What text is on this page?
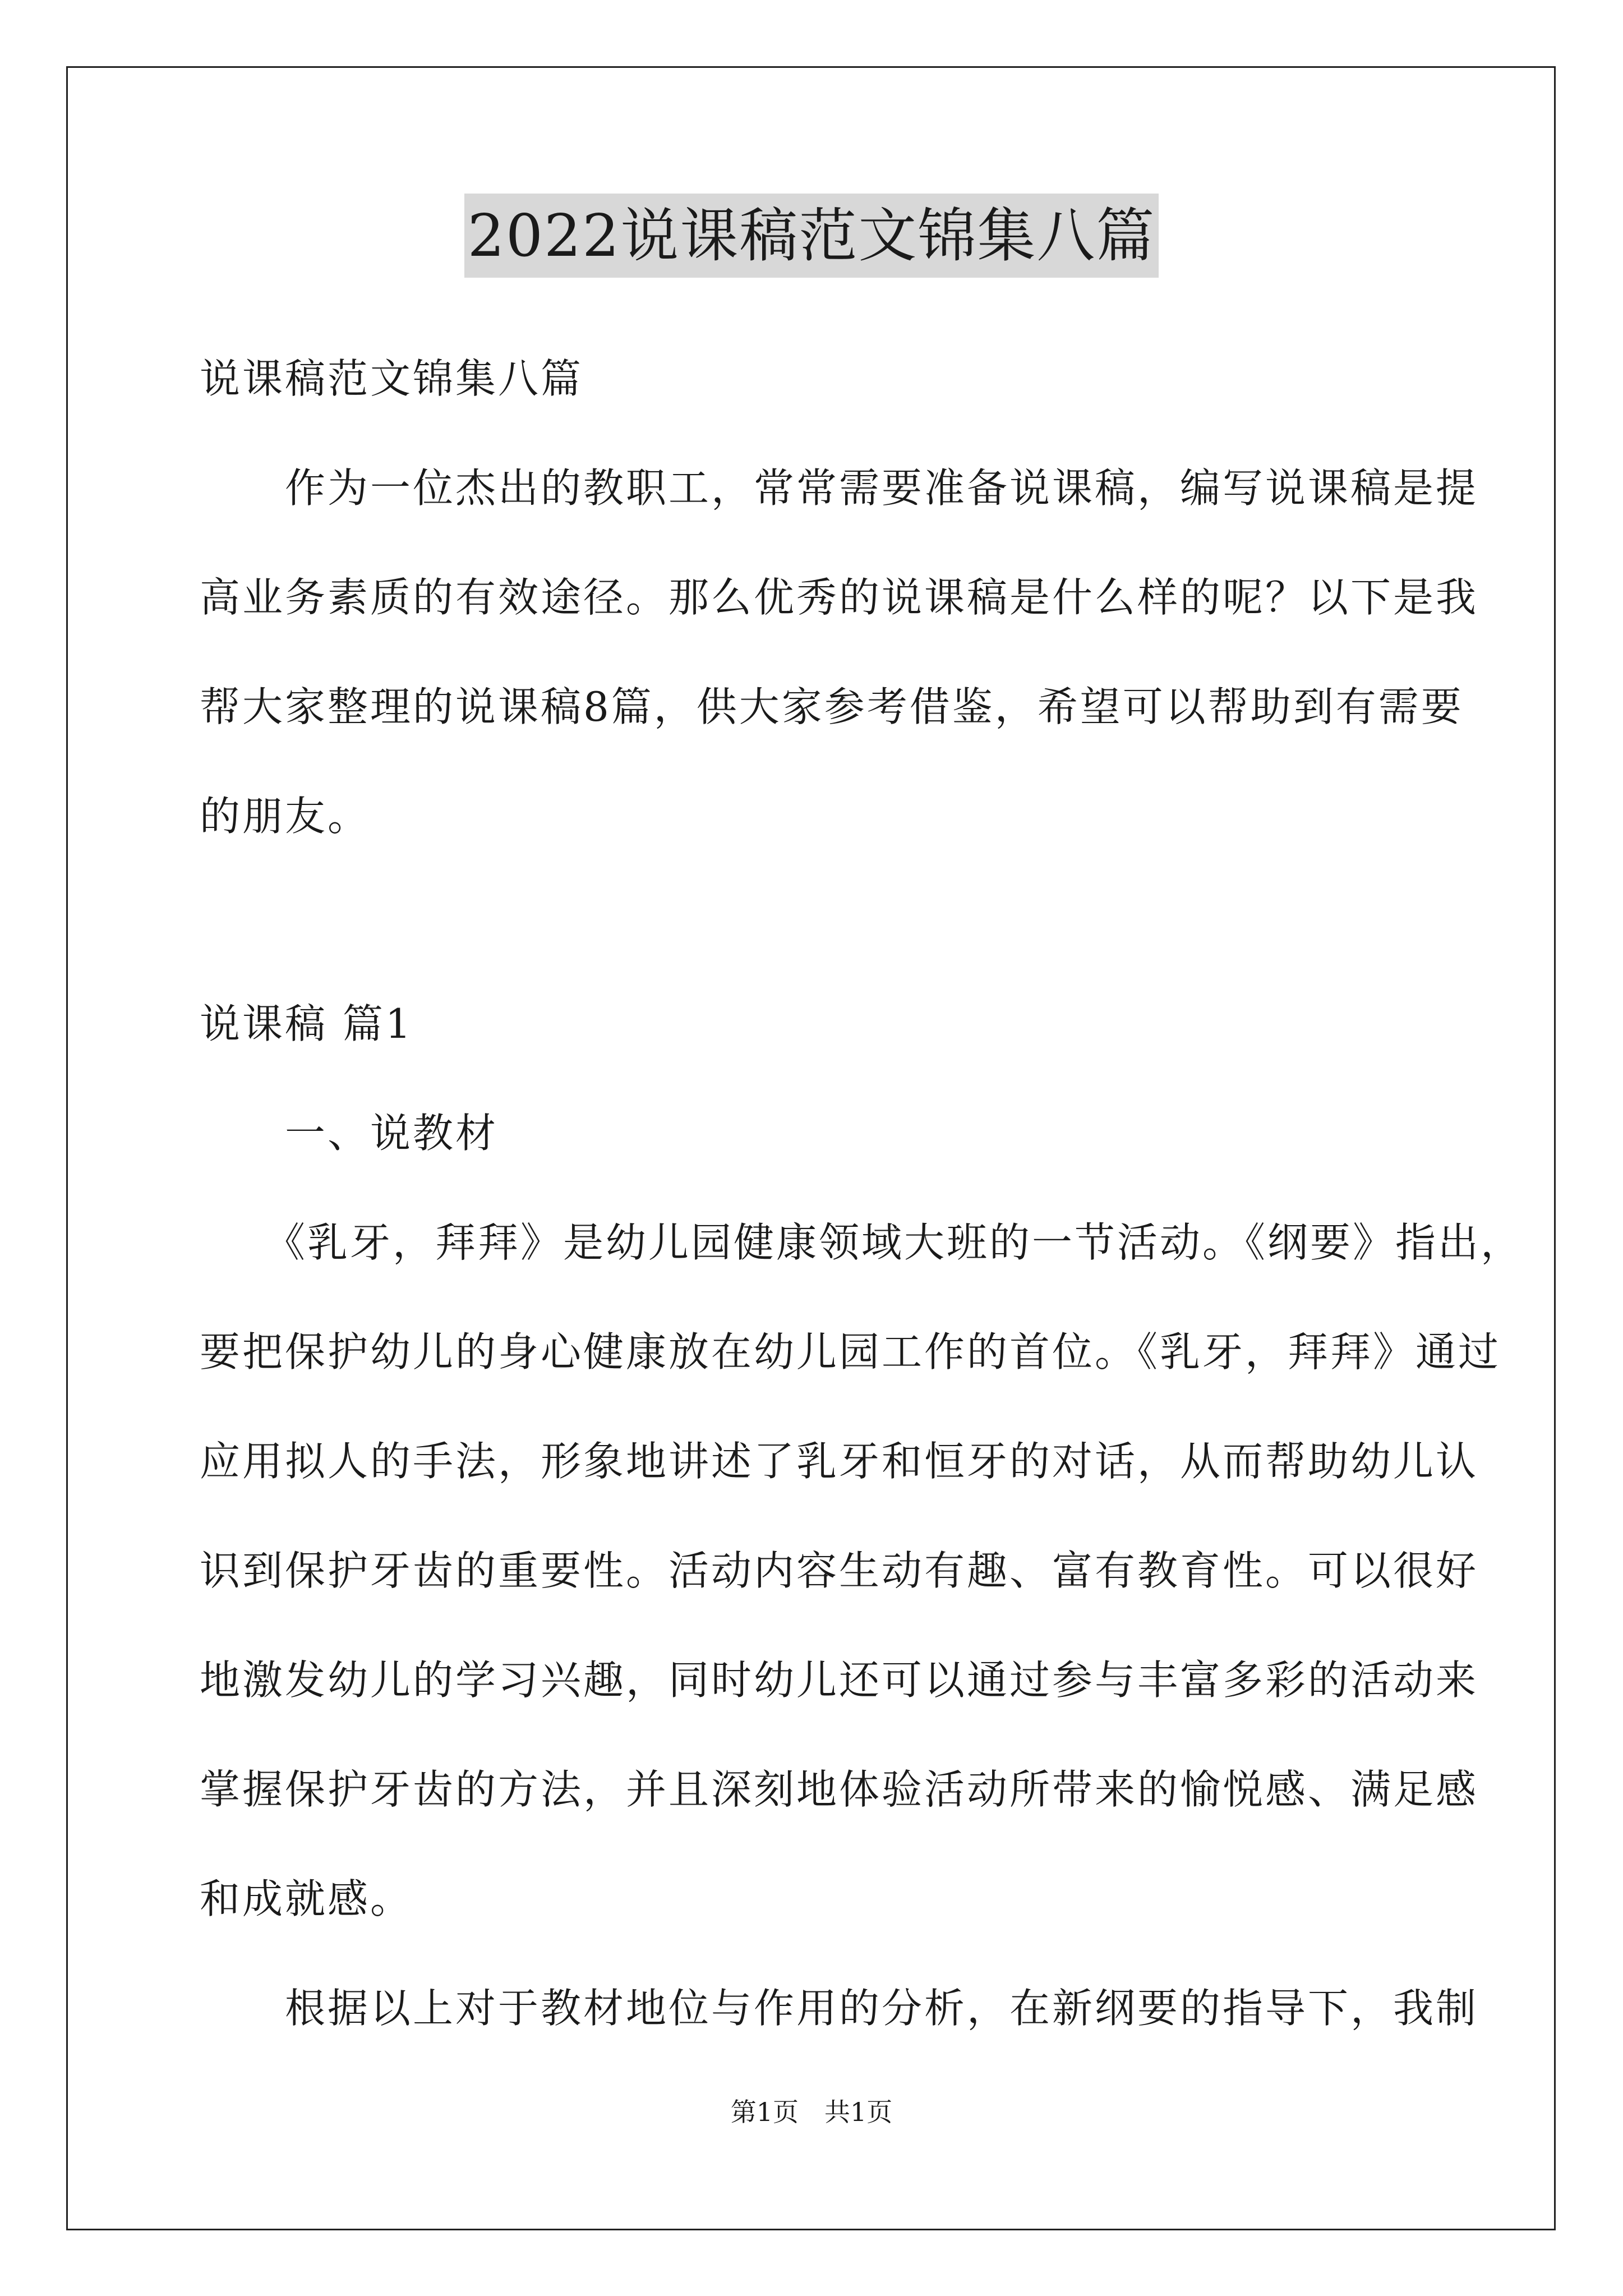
2022说课稿范文锦集八篇
说课稿范文锦集八篇
　　作为一位杰出的教职工，常常需要准备说课稿，编写说课稿是提
高业务素质的有效途径。那么优秀的说课稿是什么样的呢？以下是我
帮大家整理的说课稿8篇，供大家参考借鉴，希望可以帮助到有需要
的朋友。
说课稿 篇1
　　一、说教材
　　《乳牙，拜拜》是幼儿园健康领域大班的一节活动。《纲要》指出，
要把保护幼儿的身心健康放在幼儿园工作的首位。《乳牙，拜拜》通过
应用拟人的手法，形象地讲述了乳牙和恒牙的对话，从而帮助幼儿认
识到保护牙齿的重要性。活动内容生动有趣、富有教育性。可以很好
地激发幼儿的学习兴趣，同时幼儿还可以通过参与丰富多彩的活动来
掌握保护牙齿的方法，并且深刻地体验活动所带来的愉悦感、满足感
和成就感。
　　根据以上对于教材地位与作用的分析，在新纲要的指导下，我制
第1页　共1页
